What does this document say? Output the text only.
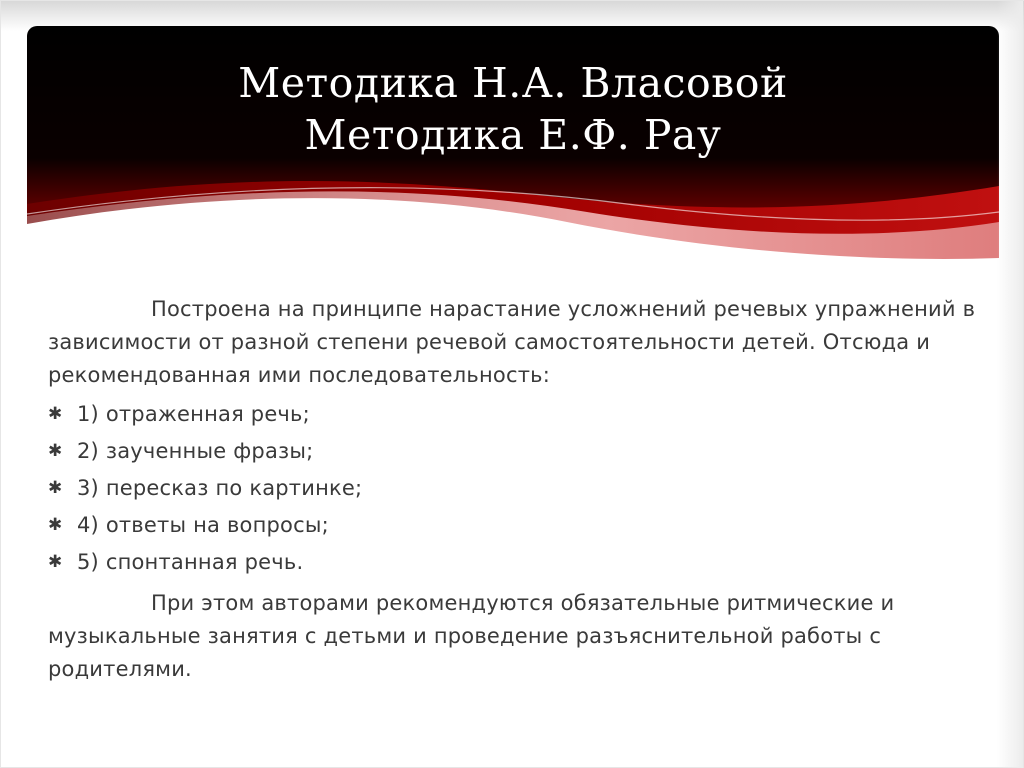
Методика Н.А. Власовой
Методика Е.Ф. Рау

Построена на принципе нарастание усложнений речевых упражнений в зависимости от разной степени речевой самостоятельности детей. Отсюда и рекомендованная ими последовательность:

✱ 1) отраженная речь;
✱ 2) заученные фразы;
✱ 3) пересказ по картинке;
✱ 4) ответы на вопросы;
✱ 5) спонтанная речь.

При этом авторами рекомендуются обязательные ритмические и музыкальные занятия с детьми и проведение разъяснительной работы с родителями.
